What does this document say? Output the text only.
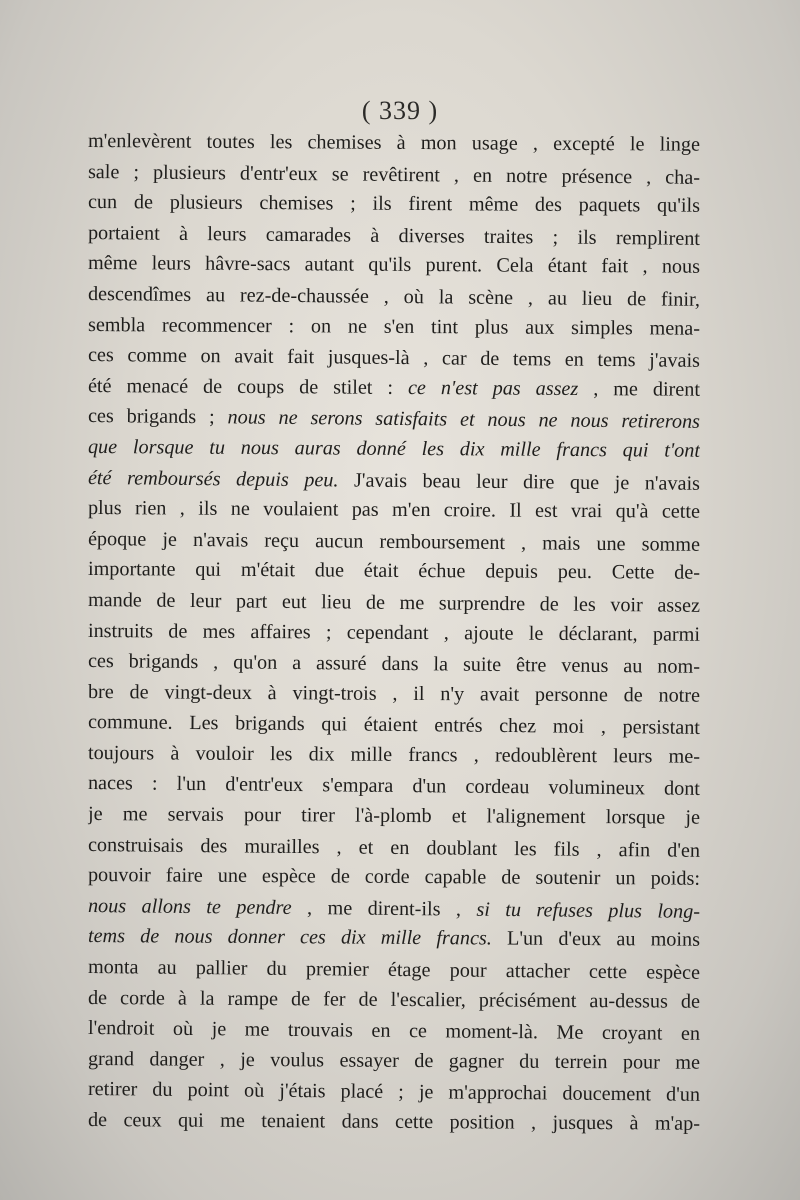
( 339 )
m'enlevèrent toutes les chemises à mon usage , excepté le linge
sale ; plusieurs d'entr'eux se revêtirent , en notre présence , cha-
cun de plusieurs chemises ; ils firent même des paquets qu'ils
portaient à leurs camarades à diverses traites ; ils remplirent
même leurs hâvre-sacs autant qu'ils purent. Cela étant fait , nous
descendîmes au rez-de-chaussée , où la scène , au lieu de finir,
sembla recommencer : on ne s'en tint plus aux simples mena-
ces comme on avait fait jusques-là , car de tems en tems j'avais
été menacé de coups de stilet : ce n'est pas assez , me dirent
ces brigands ; nous ne serons satisfaits et nous ne nous retirerons
que lorsque tu nous auras donné les dix mille francs qui t'ont
été remboursés depuis peu. J'avais beau leur dire que je n'avais
plus rien , ils ne voulaient pas m'en croire. Il est vrai qu'à cette
époque je n'avais reçu aucun remboursement , mais une somme
importante qui m'était due était échue depuis peu. Cette de-
mande de leur part eut lieu de me surprendre de les voir assez
instruits de mes affaires ; cependant , ajoute le déclarant, parmi
ces brigands , qu'on a assuré dans la suite être venus au nom-
bre de vingt-deux à vingt-trois , il n'y avait personne de notre
commune. Les brigands qui étaient entrés chez moi , persistant
toujours à vouloir les dix mille francs , redoublèrent leurs me-
naces : l'un d'entr'eux s'empara d'un cordeau volumineux dont
je me servais pour tirer l'à-plomb et l'alignement lorsque je
construisais des murailles , et en doublant les fils , afin d'en
pouvoir faire une espèce de corde capable de soutenir un poids:
nous allons te pendre , me dirent-ils , si tu refuses plus long-
tems de nous donner ces dix mille francs. L'un d'eux au moins
monta au pallier du premier étage pour attacher cette espèce
de corde à la rampe de fer de l'escalier, précisément au-dessus de
l'endroit où je me trouvais en ce moment-là. Me croyant en
grand danger , je voulus essayer de gagner du terrein pour me
retirer du point où j'étais placé ; je m'approchai doucement d'un
de ceux qui me tenaient dans cette position , jusques à m'ap-
